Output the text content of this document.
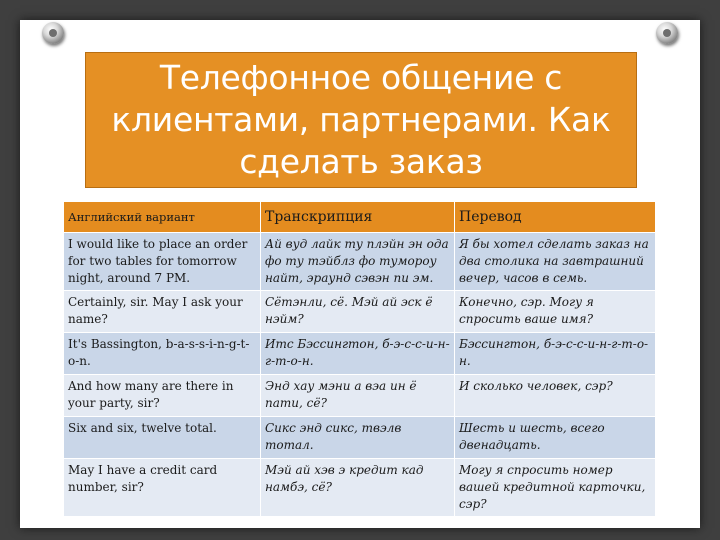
Телефонное общение с клиентами, партнерами. Как сделать заказ
Английский вариант	Транскрипция	Перевод
I would like to place an order for two tables for tomorrow night, around 7 PM.	Ай вуд лайк ту плэйн эн ода фо ту тэйблз фо тумороу найт, эраунд сэвэн пи эм.	Я бы хотел сделать заказ на два столика на завтрашний вечер, часов в семь.
Certainly, sir. May I ask your name?	Сётэнли, сё. Мэй ай эск ё нэйм?	Конечно, сэр. Могу я спросить ваше имя?
It's Bassington, b-a-s-s-i-n-g-t-o-n.	Итс Бэссингтон, б-э-с-с-и-н-г-т-о-н.	Бэссингтон, б-э-с-с-и-н-г-т-о-н.
And how many are there in your party, sir?	Энд хау мэни а вэа ин ё пати, сё?	И сколько человек, сэр?
Six and six, twelve total.	Сикс энд сикс, твэлв тотал.	Шесть и шесть, всего двенадцать.
May I have a credit card number, sir?	Мэй ай хэв э кредит кад намбэ, сё?	Могу я спросить номер вашей кредитной карточки, сэр?
